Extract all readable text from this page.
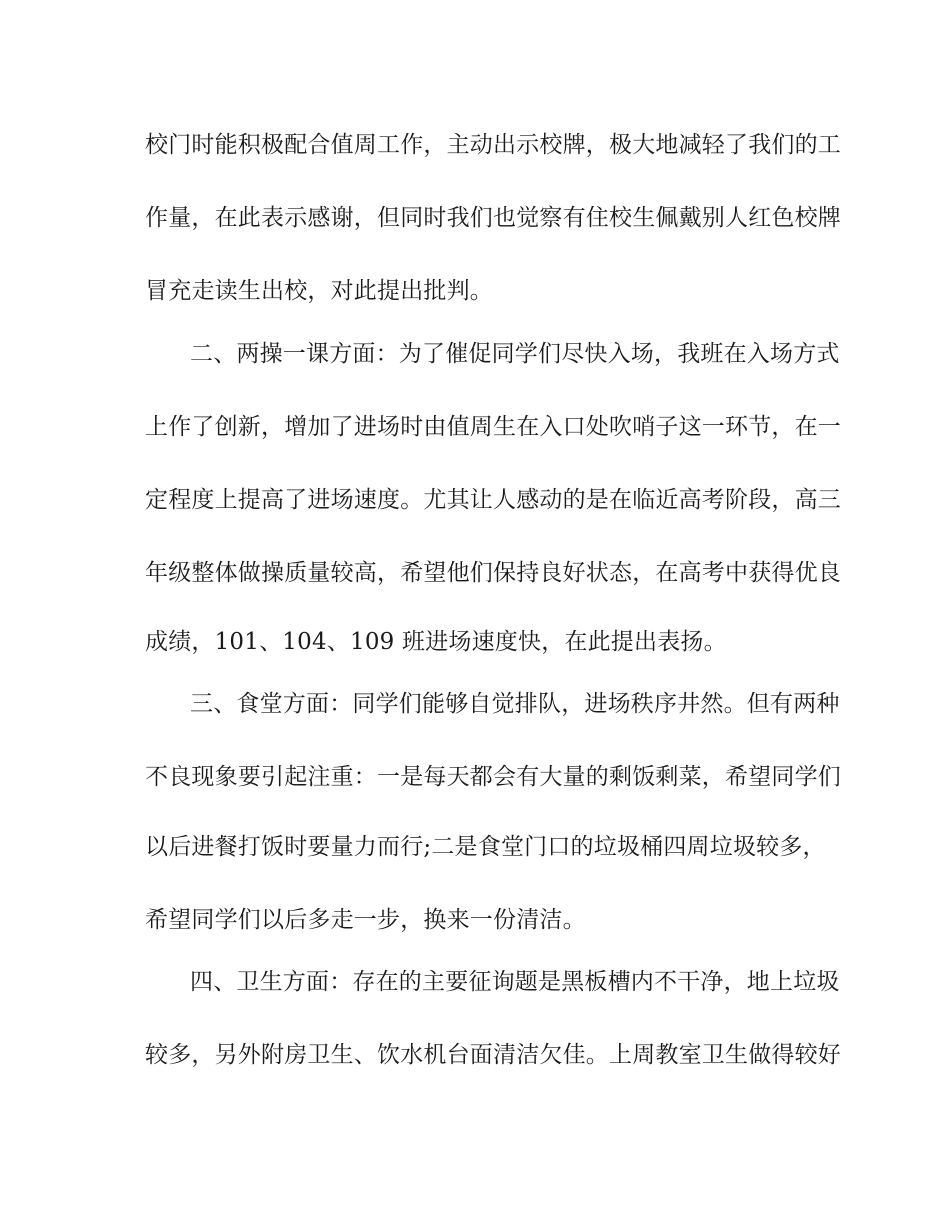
校门时能积极配合值周工作，主动出示校牌，极大地减轻了我们的工
作量，在此表示感谢，但同时我们也觉察有住校生佩戴别人红色校牌
冒充走读生出校，对此提出批判。
二、两操一课方面：为了催促同学们尽快入场，我班在入场方式
上作了创新，增加了进场时由值周生在入口处吹哨子这一环节，在一
定程度上提高了进场速度。尤其让人感动的是在临近高考阶段，高三
年级整体做操质量较高，希望他们保持良好状态，在高考中获得优良
成绩，101、104、109 班进场速度快，在此提出表扬。
三、食堂方面：同学们能够自觉排队，进场秩序井然。但有两种
不良现象要引起注重：一是每天都会有大量的剩饭剩菜，希望同学们
以后进餐打饭时要量力而行;二是食堂门口的垃圾桶四周垃圾较多，
希望同学们以后多走一步，换来一份清洁。
四、卫生方面：存在的主要征询题是黑板槽内不干净，地上垃圾
较多，另外附房卫生、饮水机台面清洁欠佳。上周教室卫生做得较好
